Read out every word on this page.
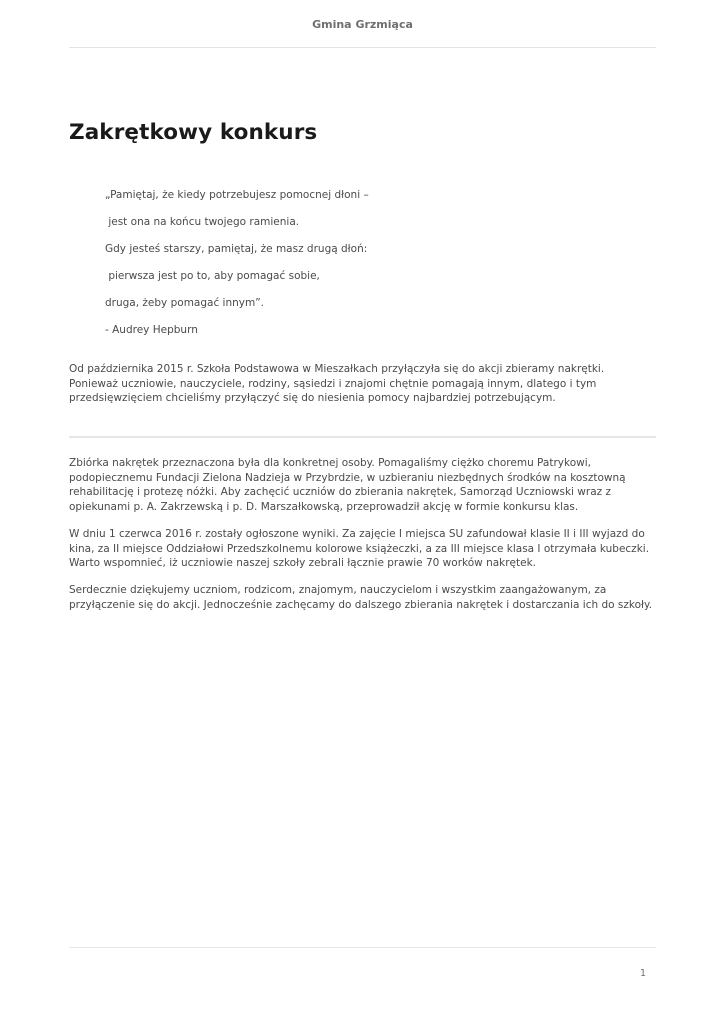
Gmina Grzmiąca
Zakrętkowy konkurs
„Pamiętaj, że kiedy potrzebujesz pomocnej dłoni –
jest ona na końcu twojego ramienia.
Gdy jesteś starszy, pamiętaj, że masz drugą dłoń:
pierwsza jest po to, aby pomagać sobie,
druga, żeby pomagać innym”.
- Audrey Hepburn

Od października 2015 r. Szkoła Podstawowa w Mieszałkach przyłączyła się do akcji zbieramy nakrętki. Ponieważ uczniowie, nauczyciele, rodziny, sąsiedzi i znajomi chętnie pomagają innym, dlatego i tym przedsięwzięciem chcieliśmy przyłączyć się do niesienia pomocy najbardziej potrzebującym.

Zbiórka nakrętek przeznaczona była dla konkretnej osoby. Pomagaliśmy ciężko choremu Patrykowi, podopiecznemu Fundacji Zielona Nadzieja w Przybrdzie, w uzbieraniu niezbędnych środków na kosztowną rehabilitację i protezę nóżki. Aby zachęcić uczniów do zbierania nakrętek, Samorząd Uczniowski wraz z opiekunami p. A. Zakrzewską i p. D. Marszałkowską, przeprowadził akcję w formie konkursu klas.

W dniu 1 czerwca 2016 r. zostały ogłoszone wyniki. Za zajęcie I miejsca SU zafundował klasie II i III wyjazd do kina, za II miejsce Oddziałowi Przedszkolnemu kolorowe książeczki, a za III miejsce klasa I otrzymała kubeczki. Warto wspomnieć, iż uczniowie naszej szkoły zebrali łącznie prawie 70 worków nakrętek.

Serdecznie dziękujemy uczniom, rodzicom, znajomym, nauczycielom i wszystkim zaangażowanym, za przyłączenie się do akcji. Jednocześnie zachęcamy do dalszego zbierania nakrętek i dostarczania ich do szkoły.

1
